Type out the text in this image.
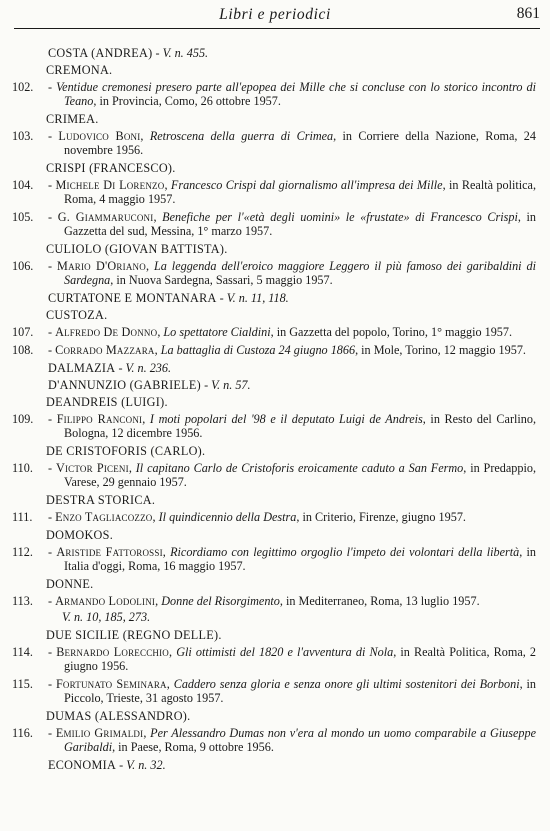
Libri e periodici	861
COSTA (ANDREA) - V. n. 455.
CREMONA.
102.	- Ventidue cremonesi presero parte all'epopea dei Mille che si concluse con lo storico incontro di Teano, in Provincia, Como, 26 ottobre 1957.
CRIMEA.
103.	- Ludovico Boni, Retroscena della guerra di Crimea, in Corriere della Nazione, Roma, 24 novembre 1956.
CRISPI (FRANCESCO).
104.	- Michele Di Lorenzo, Francesco Crispi dal giornalismo all'impresa dei Mille, in Realtà politica, Roma, 4 maggio 1957.
105.	- G. Giammaruconi, Benefiche per l'«età degli uomini» le «frustate» di Francesco Crispi, in Gazzetta del sud, Messina, 1° marzo 1957.
CULIOLO (GIOVAN BATTISTA).
106.	- Mario D'Oriano, La leggenda dell'eroico maggiore Leggero il più famoso dei garibaldini di Sardegna, in Nuova Sardegna, Sassari, 5 maggio 1957.
CURTATONE E MONTANARA - V. n. 11, 118.
CUSTOZA.
107.	- Alfredo De Donno, Lo spettatore Cialdini, in Gazzetta del popolo, Torino, 1° maggio 1957.
108.	- Corrado Mazzara, La battaglia di Custoza 24 giugno 1866, in Mole, Torino, 12 maggio 1957.
DALMAZIA - V. n. 236.
D'ANNUNZIO (GABRIELE) - V. n. 57.
DEANDREIS (LUIGI).
109.	- Filippo Ranconi, I moti popolari del '98 e il deputato Luigi de Andreis, in Resto del Carlino, Bologna, 12 dicembre 1956.
DE CRISTOFORIS (CARLO).
110.	- Victor Piceni, Il capitano Carlo de Cristoforis eroicamente caduto a San Fermo, in Predappio, Varese, 29 gennaio 1957.
DESTRA STORICA.
111.	- Enzo Tagliacozzo, Il quindicennio della Destra, in Criterio, Firenze, giugno 1957.
DOMOKOS.
112.	- Aristide Fattorossi, Ricordiamo con legittimo orgoglio l'impeto dei volontari della libertà, in Italia d'oggi, Roma, 16 maggio 1957.
DONNE.
113.	- Armando Lodolini, Donne del Risorgimento, in Mediterraneo, Roma, 13 luglio 1957.
V. n. 10, 185, 273.
DUE SICILIE (REGNO DELLE).
114.	- Bernardo Lorecchio, Gli ottimisti del 1820 e l'avventura di Nola, in Realtà Politica, Roma, 2 giugno 1956.
115.	- Fortunato Seminara, Caddero senza gloria e senza onore gli ultimi sostenitori dei Borboni, in Piccolo, Trieste, 31 agosto 1957.
DUMAS (ALESSANDRO).
116.	- Emilio Grimaldi, Per Alessandro Dumas non v'era al mondo un uomo comparabile a Giuseppe Garibaldi, in Paese, Roma, 9 ottobre 1956.
ECONOMIA - V. n. 32.
